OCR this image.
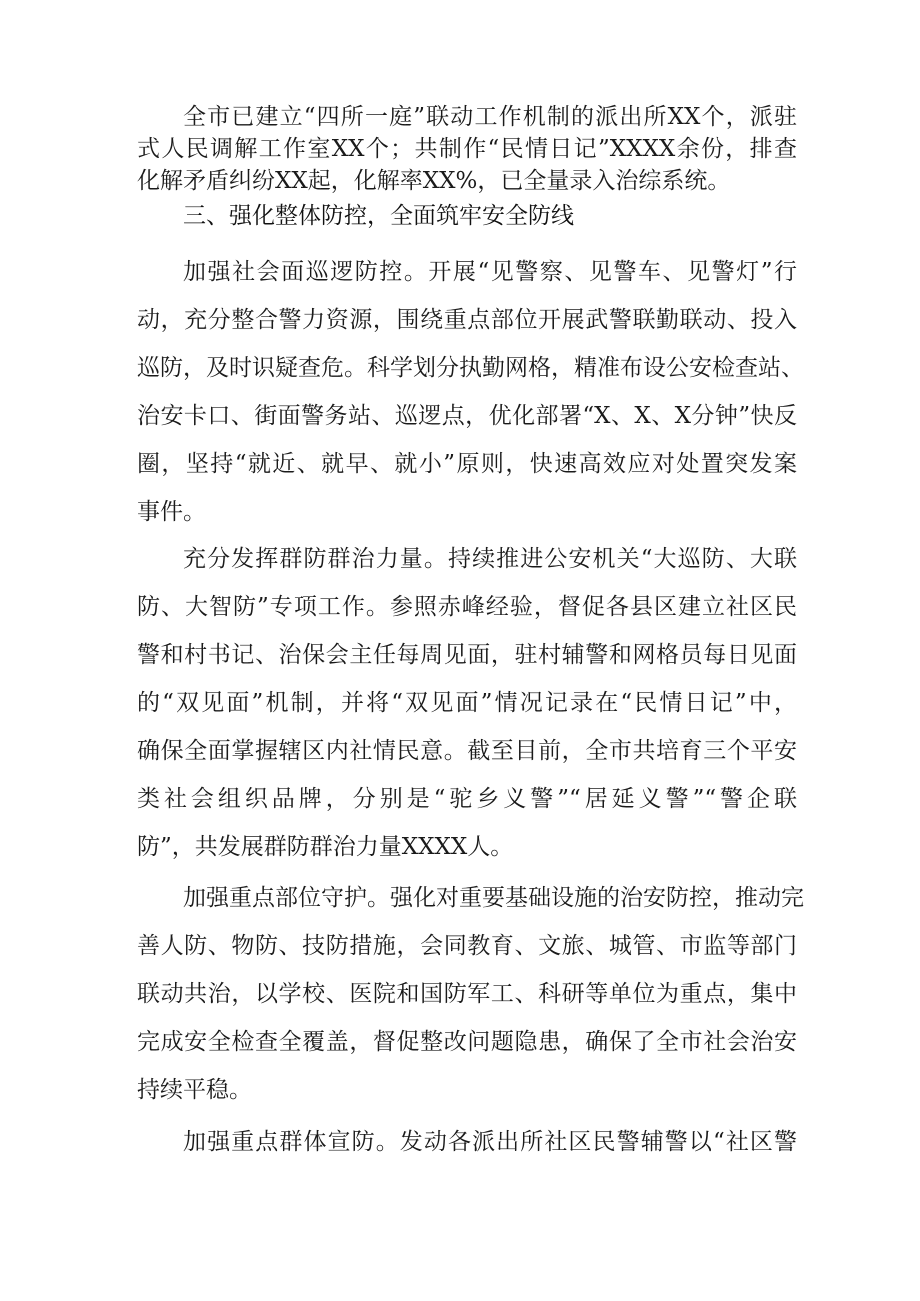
全市已建立“四所一庭”联动工作机制的派出所XX个，派驻
式人民调解工作室XX个；共制作“民情日记”XXXX余份，排查
化解矛盾纠纷XX起，化解率XX%，已全量录入治综系统。
三、强化整体防控，全面筑牢安全防线
加强社会面巡逻防控。开展“见警察、见警车、见警灯”行
动，充分整合警力资源，围绕重点部位开展武警联勤联动、投入
巡防，及时识疑查危。科学划分执勤网格，精准布设公安检查站、
治安卡口、街面警务站、巡逻点，优化部署“X、X、X分钟”快反
圈，坚持“就近、就早、就小”原则，快速高效应对处置突发案
事件。
充分发挥群防群治力量。持续推进公安机关“大巡防、大联
防、大智防”专项工作。参照赤峰经验，督促各县区建立社区民
警和村书记、治保会主任每周见面，驻村辅警和网格员每日见面
的“双见面”机制，并将“双见面”情况记录在“民情日记”中，
确保全面掌握辖区内社情民意。截至目前，全市共培育三个平安
类社会组织品牌，分别是“驼乡义警”“居延义警”“警企联
防”，共发展群防群治力量XXXX人。
加强重点部位守护。强化对重要基础设施的治安防控，推动完
善人防、物防、技防措施，会同教育、文旅、城管、市监等部门
联动共治，以学校、医院和国防军工、科研等单位为重点，集中
完成安全检查全覆盖，督促整改问题隐患，确保了全市社会治安
持续平稳。
加强重点群体宣防。发动各派出所社区民警辅警以“社区警
